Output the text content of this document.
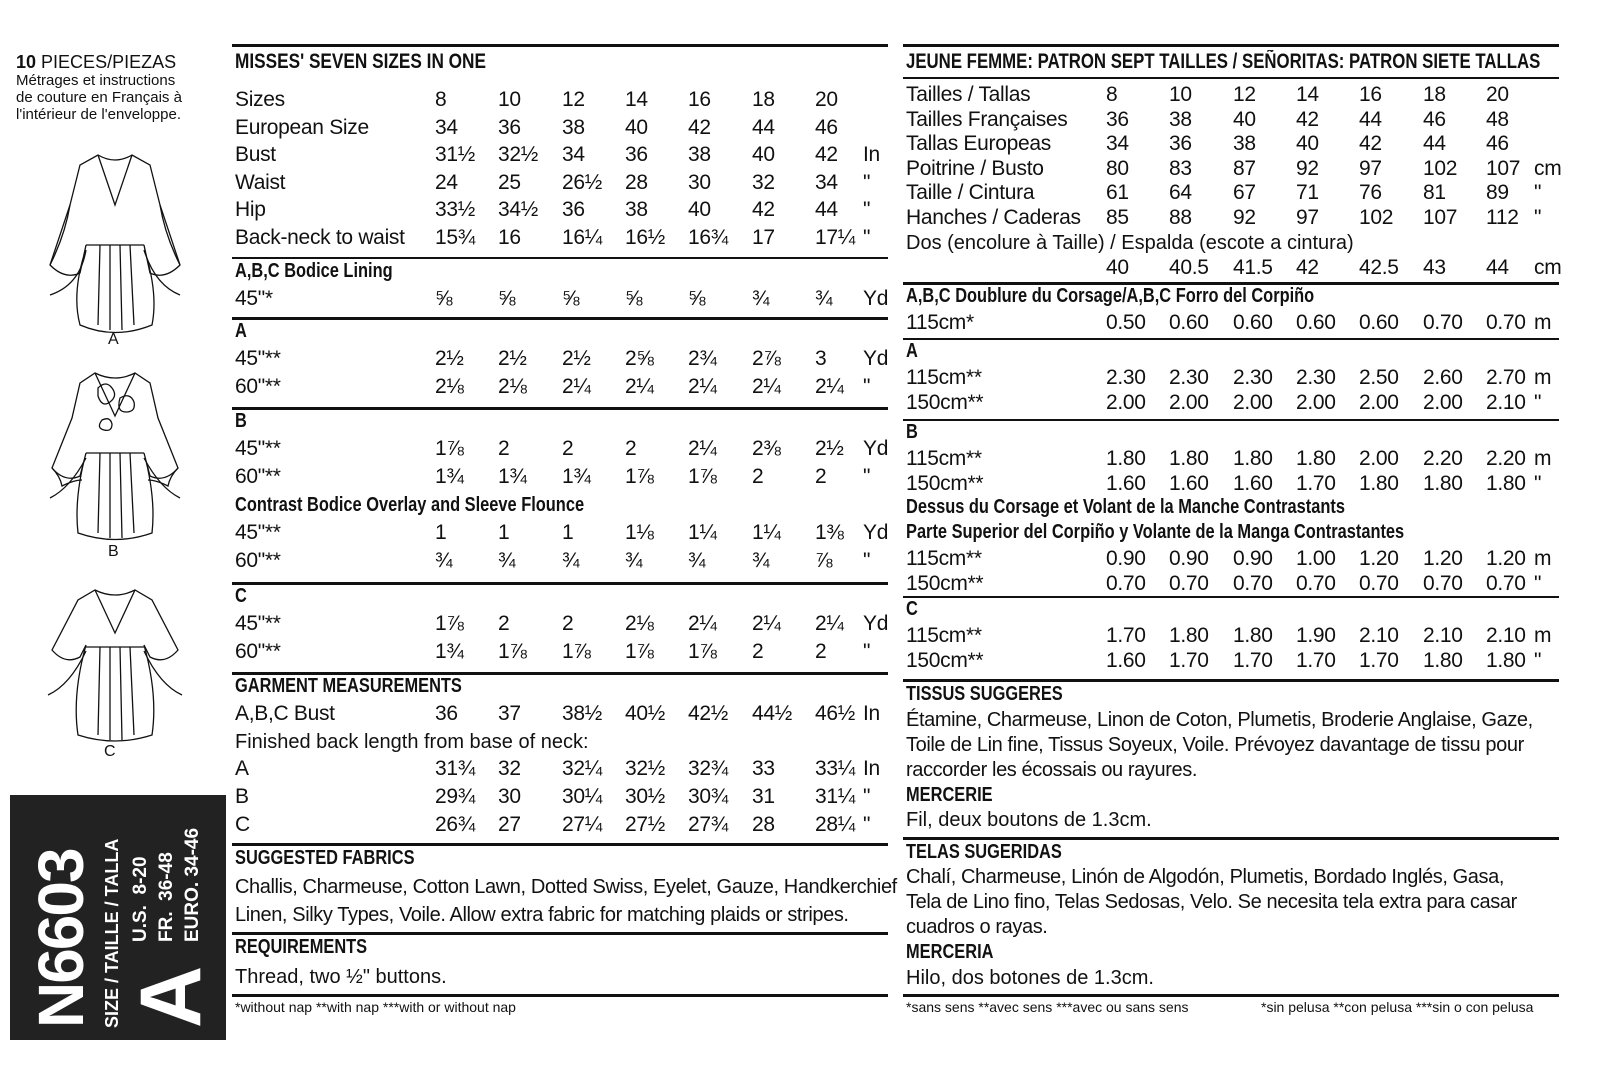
10 PIECES/PIEZAS
Métrages et instructions
de couture en Français à
l'intérieur de l'enveloppe.
A
B
C
N6603 SIZE / TAILLE / TALLA A
U.S.  8-20 FR.  36-48 EURO. 34-46
MISSES' SEVEN SIZES IN ONE
Sizes	8 10 12 14 16 18 20
European Size	34 36 38 40 42 44 46
Bust	31½ 32½ 34 36 38 40 42 In
Waist	24 25 26½ 28 30 32 34 "
Hip	33½ 34½ 36 38 40 42 44 "
Back-neck to waist 15¾ 16 16¼ 16½ 16¾ 17 17¼ "
A,B,C Bodice Lining
45"*	⅝ ⅝ ⅝ ⅝ ⅝ ¾ ¾ Yd
A
45"**	2½ 2½ 2½ 2⅝ 2¾ 2⅞ 3 Yd
60"**	2⅛ 2⅛ 2¼ 2¼ 2¼ 2¼ 2¼ "
B
45"**	1⅞ 2	2 2 2¼ 2⅜ 2½ Yd
60"**	1¾ 1¾ 1¾ 1⅞ 1⅞ 2 2 "
Contrast Bodice Overlay and Sleeve Flounce
45"**	1 1	1 1⅛ 1¼ 1¼ 1⅜ Yd
60"**	¾ ¾ ¾ ¾ ¾ ¾ ⅞ "
C
45"**	1⅞ 2	2 2⅛ 2¼ 2¼ 2¼ Yd
60"**	1¾ 1⅞ 1⅞ 1⅞ 1⅞ 2 2 "
GARMENT MEASUREMENTS
A,B,C Bust	36 37 38½ 40½ 42½ 44½ 46½ In
Finished back length from base of neck:
A	31¾ 32 32¼ 32½ 32¾ 33 33¼ In
B	29¾ 30 30¼ 30½ 30¾ 31 31¼ "
C	26¾ 27 27¼ 27½ 27¾ 28 28¼ "
SUGGESTED FABRICS
Challis, Charmeuse, Cotton Lawn, Dotted Swiss, Eyelet, Gauze, Handkerchief
Linen, Silky Types, Voile. Allow extra fabric for matching plaids or stripes.
REQUIREMENTS
Thread, two ½" buttons.
*without nap **with nap ***with or without nap
JEUNE FEMME: PATRON SEPT TAILLES / SEÑORITAS: PATRON SIETE TALLAS
Tailles / Tallas	8 10 12 14 16 18 20
Tailles Françaises 36 38 40 42 44 46 48
Tallas Europeas	34 36 38 40 42 44 46
Poitrine / Busto	80 83 87 92 97 102 107 cm
Taille / Cintura	61 64 67 71 76 81 89 "
Hanches / Caderas 85 88 92 97 102 107 112 "
Dos (encolure à Taille) / Espalda (escote a cintura)
40 40.5 41.5 42 42.5 43 44 cm
A,B,C Doublure du Corsage/A,B,C Forro del Corpiño
115cm*	0.50 0.60 0.60 0.60 0.60 0.70 0.70 m
A
115cm**	2.30 2.30 2.30 2.30 2.50 2.60 2.70 m
150cm**	2.00 2.00 2.00 2.00 2.00 2.00 2.10 "
B
115cm**	1.80 1.80 1.80 1.80 2.00 2.20 2.20 m
150cm**	1.60 1.60 1.60 1.70 1.80 1.80 1.80 "
Dessus du Corsage et Volant de la Manche Contrastants
Parte Superior del Corpiño y Volante de la Manga Contrastantes
115cm**	0.90 0.90 0.90 1.00 1.20 1.20 1.20 m
150cm**	0.70 0.70 0.70 0.70 0.70 0.70 0.70 "
C
115cm**	1.70 1.80 1.80 1.90 2.10 2.10 2.10 m
150cm**	1.60 1.70 1.70 1.70 1.70 1.80 1.80 "
TISSUS SUGGERES
Étamine, Charmeuse, Linon de Coton, Plumetis, Broderie Anglaise, Gaze,
Toile de Lin fine, Tissus Soyeux, Voile. Prévoyez davantage de tissu pour
raccorder les écossais ou rayures.
MERCERIE
Fil, deux boutons de 1.3cm.
TELAS SUGERIDAS
Chalí, Charmeuse, Linón de Algodón, Plumetis, Bordado Inglés, Gasa,
Tela de Lino fino, Telas Sedosas, Velo. Se necesita tela extra para casar
cuadros o rayas.
MERCERIA
Hilo, dos botones de 1.3cm.
*sans sens **avec sens ***avec ou sans sens	*sin pelusa **con pelusa ***sin o con pelusa
